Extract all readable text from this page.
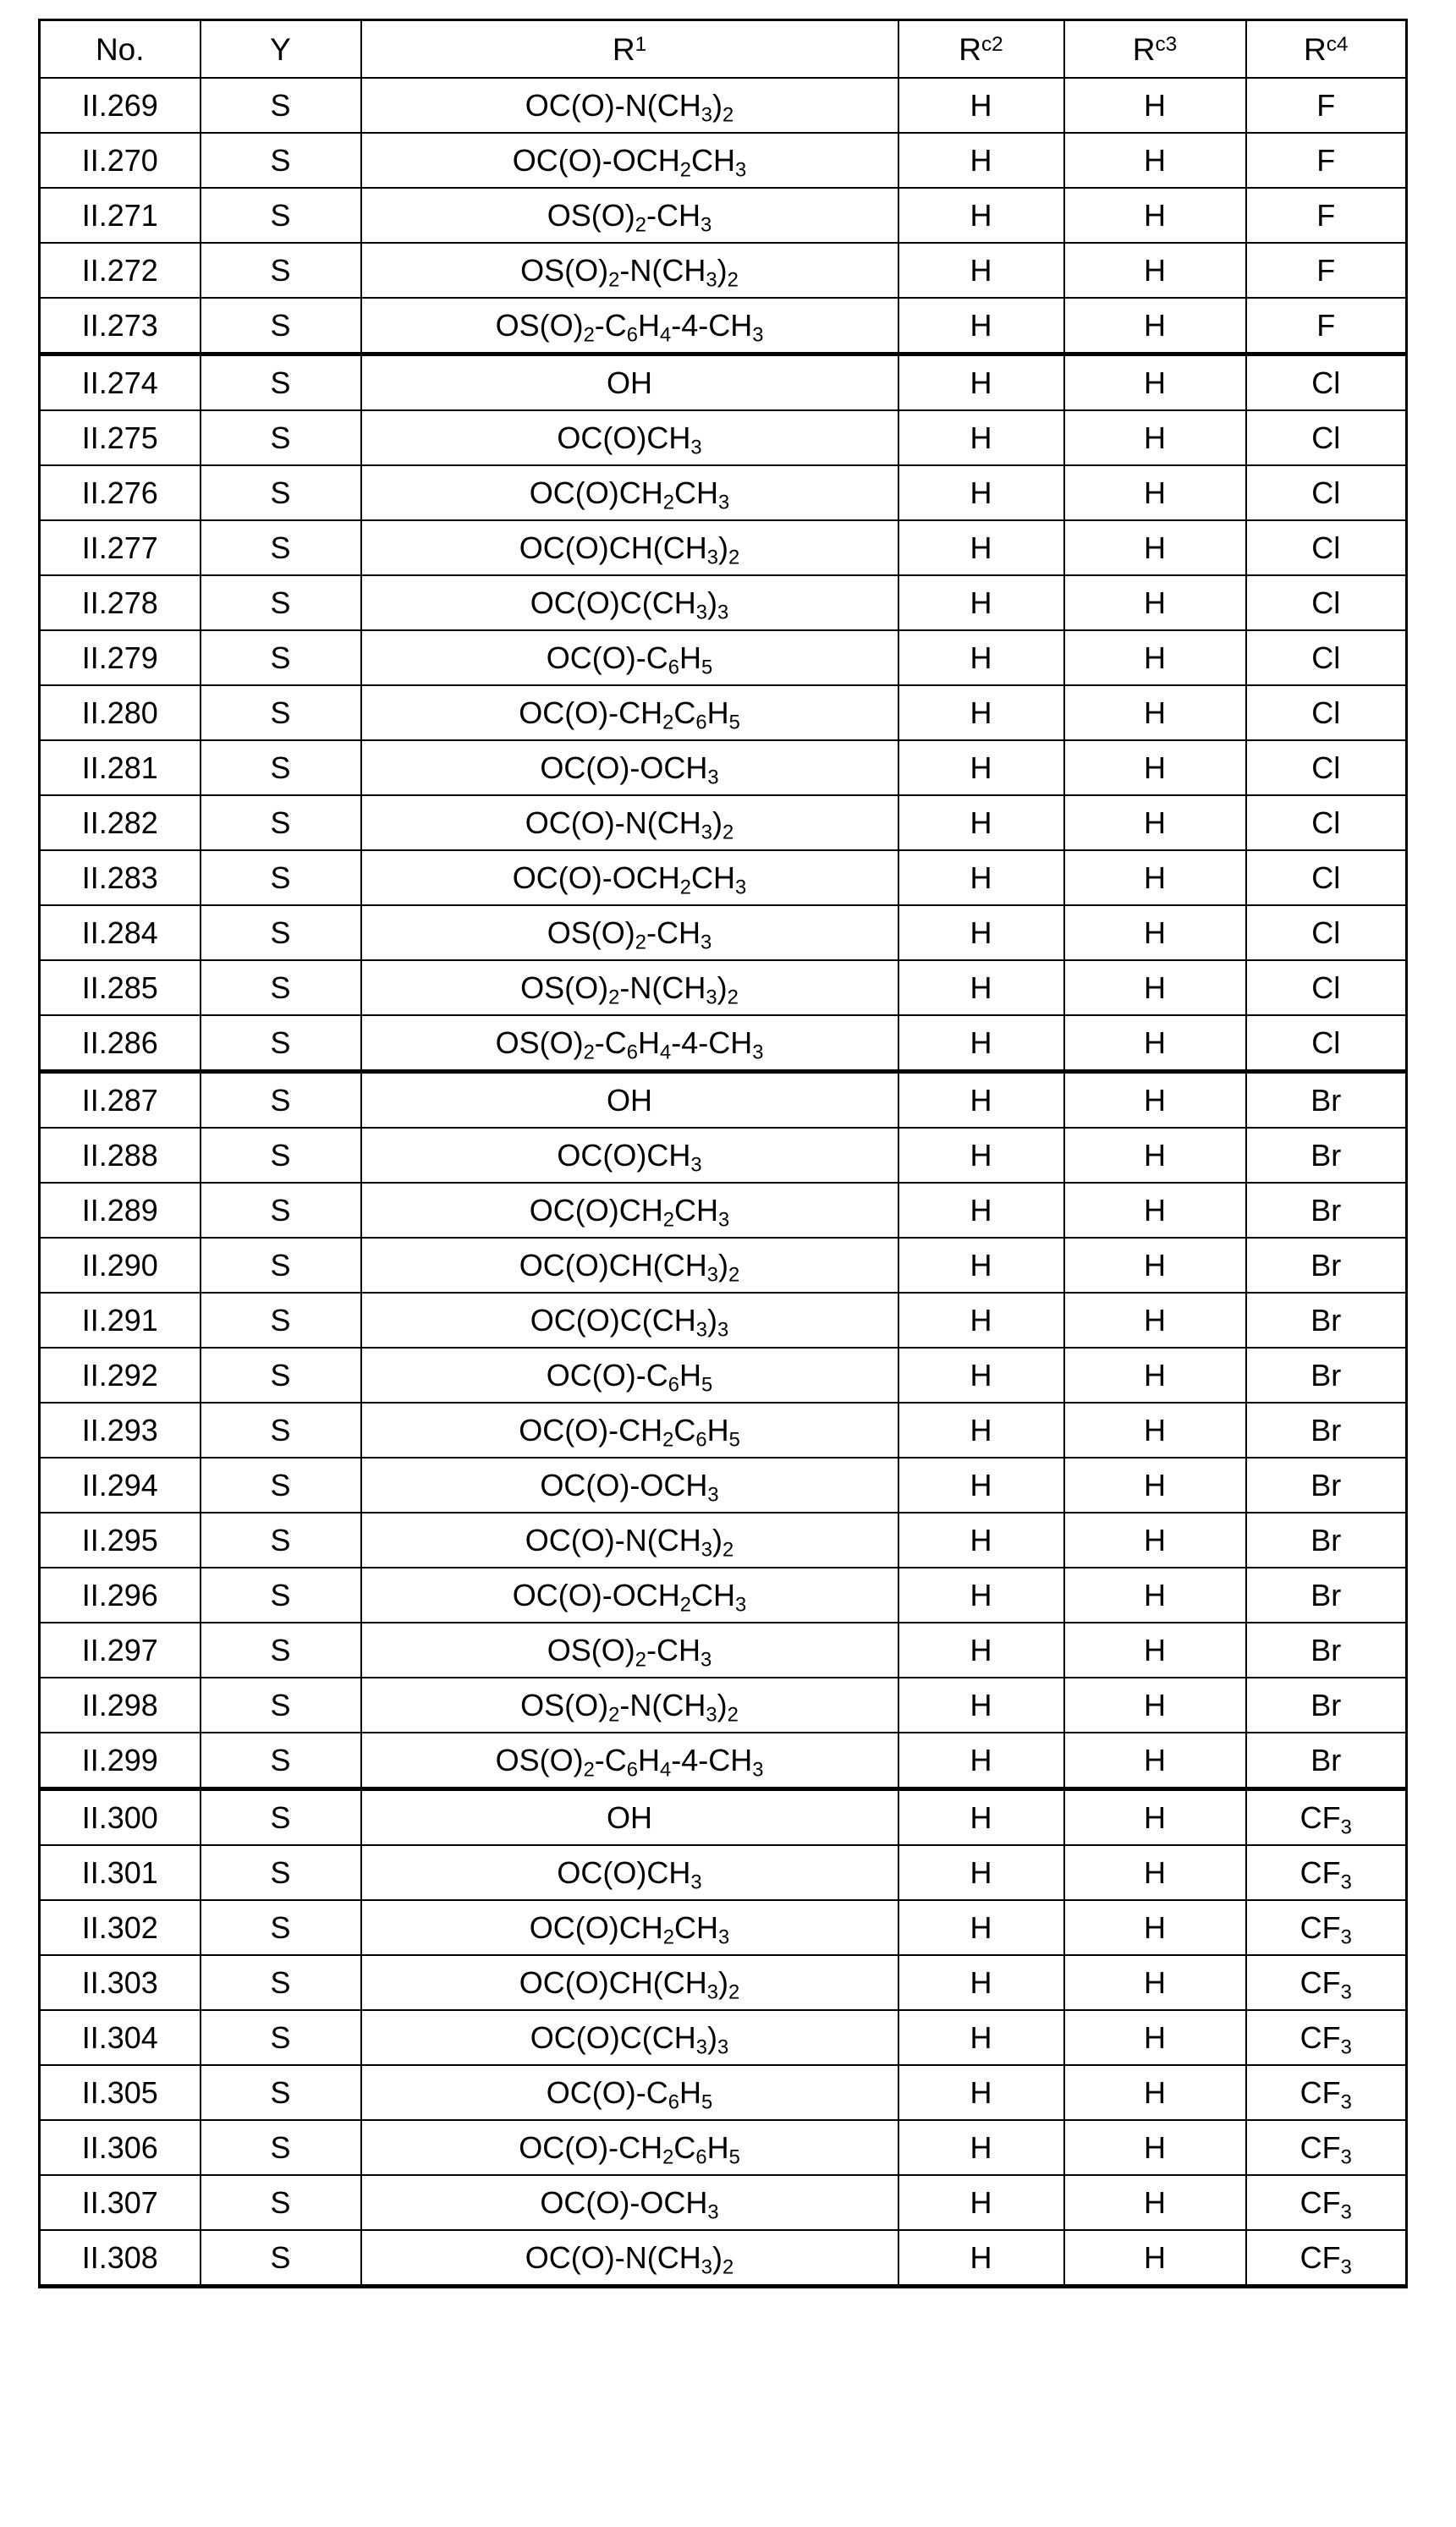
No.	Y	$R^1$	$R^{c2}$	$R^{c3}$	$R^{c4}$
II.269	S	$OC(O)-N(CH_3)_2$	H	H	F
II.270	S	$OC(O)-OCH_2CH_3$	H	H	F
II.271	S	$OS(O)_2-CH_3$	H	H	F
II.272	S	$OS(O)_2-N(CH_3)_2$	H	H	F
II.273	S	$OS(O)_2-C_6H_4-4-CH_3$	H	H	F
II.274	S	OH	H	H	Cl
II.275	S	$OC(O)CH_3$	H	H	Cl
II.276	S	$OC(O)CH_2CH_3$	H	H	Cl
II.277	S	$OC(O)CH(CH_3)_2$	H	H	Cl
II.278	S	$OC(O)C(CH_3)_3$	H	H	Cl
II.279	S	$OC(O)-C_6H_5$	H	H	Cl
II.280	S	$OC(O)-CH_2C_6H_5$	H	H	Cl
II.281	S	$OC(O)-OCH_3$	H	H	Cl
II.282	S	$OC(O)-N(CH_3)_2$	H	H	Cl
II.283	S	$OC(O)-OCH_2CH_3$	H	H	Cl
II.284	S	$OS(O)_2-CH_3$	H	H	Cl
II.285	S	$OS(O)_2-N(CH_3)_2$	H	H	Cl
II.286	S	$OS(O)_2-C_6H_4-4-CH_3$	H	H	Cl
II.287	S	OH	H	H	Br
II.288	S	$OC(O)CH_3$	H	H	Br
II.289	S	$OC(O)CH_2CH_3$	H	H	Br
II.290	S	$OC(O)CH(CH_3)_2$	H	H	Br
II.291	S	$OC(O)C(CH_3)_3$	H	H	Br
II.292	S	$OC(O)-C_6H_5$	H	H	Br
II.293	S	$OC(O)-CH_2C_6H_5$	H	H	Br
II.294	S	$OC(O)-OCH_3$	H	H	Br
II.295	S	$OC(O)-N(CH_3)_2$	H	H	Br
II.296	S	$OC(O)-OCH_2CH_3$	H	H	Br
II.297	S	$OS(O)_2-CH_3$	H	H	Br
II.298	S	$OS(O)_2-N(CH_3)_2$	H	H	Br
II.299	S	$OS(O)_2-C_6H_4-4-CH_3$	H	H	Br
II.300	S	OH	H	H	$CF_3$
II.301	S	$OC(O)CH_3$	H	H	$CF_3$
II.302	S	$OC(O)CH_2CH_3$	H	H	$CF_3$
II.303	S	$OC(O)CH(CH_3)_2$	H	H	$CF_3$
II.304	S	$OC(O)C(CH_3)_3$	H	H	$CF_3$
II.305	S	$OC(O)-C_6H_5$	H	H	$CF_3$
II.306	S	$OC(O)-CH_2C_6H_5$	H	H	$CF_3$
II.307	S	$OC(O)-OCH_3$	H	H	$CF_3$
II.308	S	$OC(O)-N(CH_3)_2$	H	H	$CF_3$
